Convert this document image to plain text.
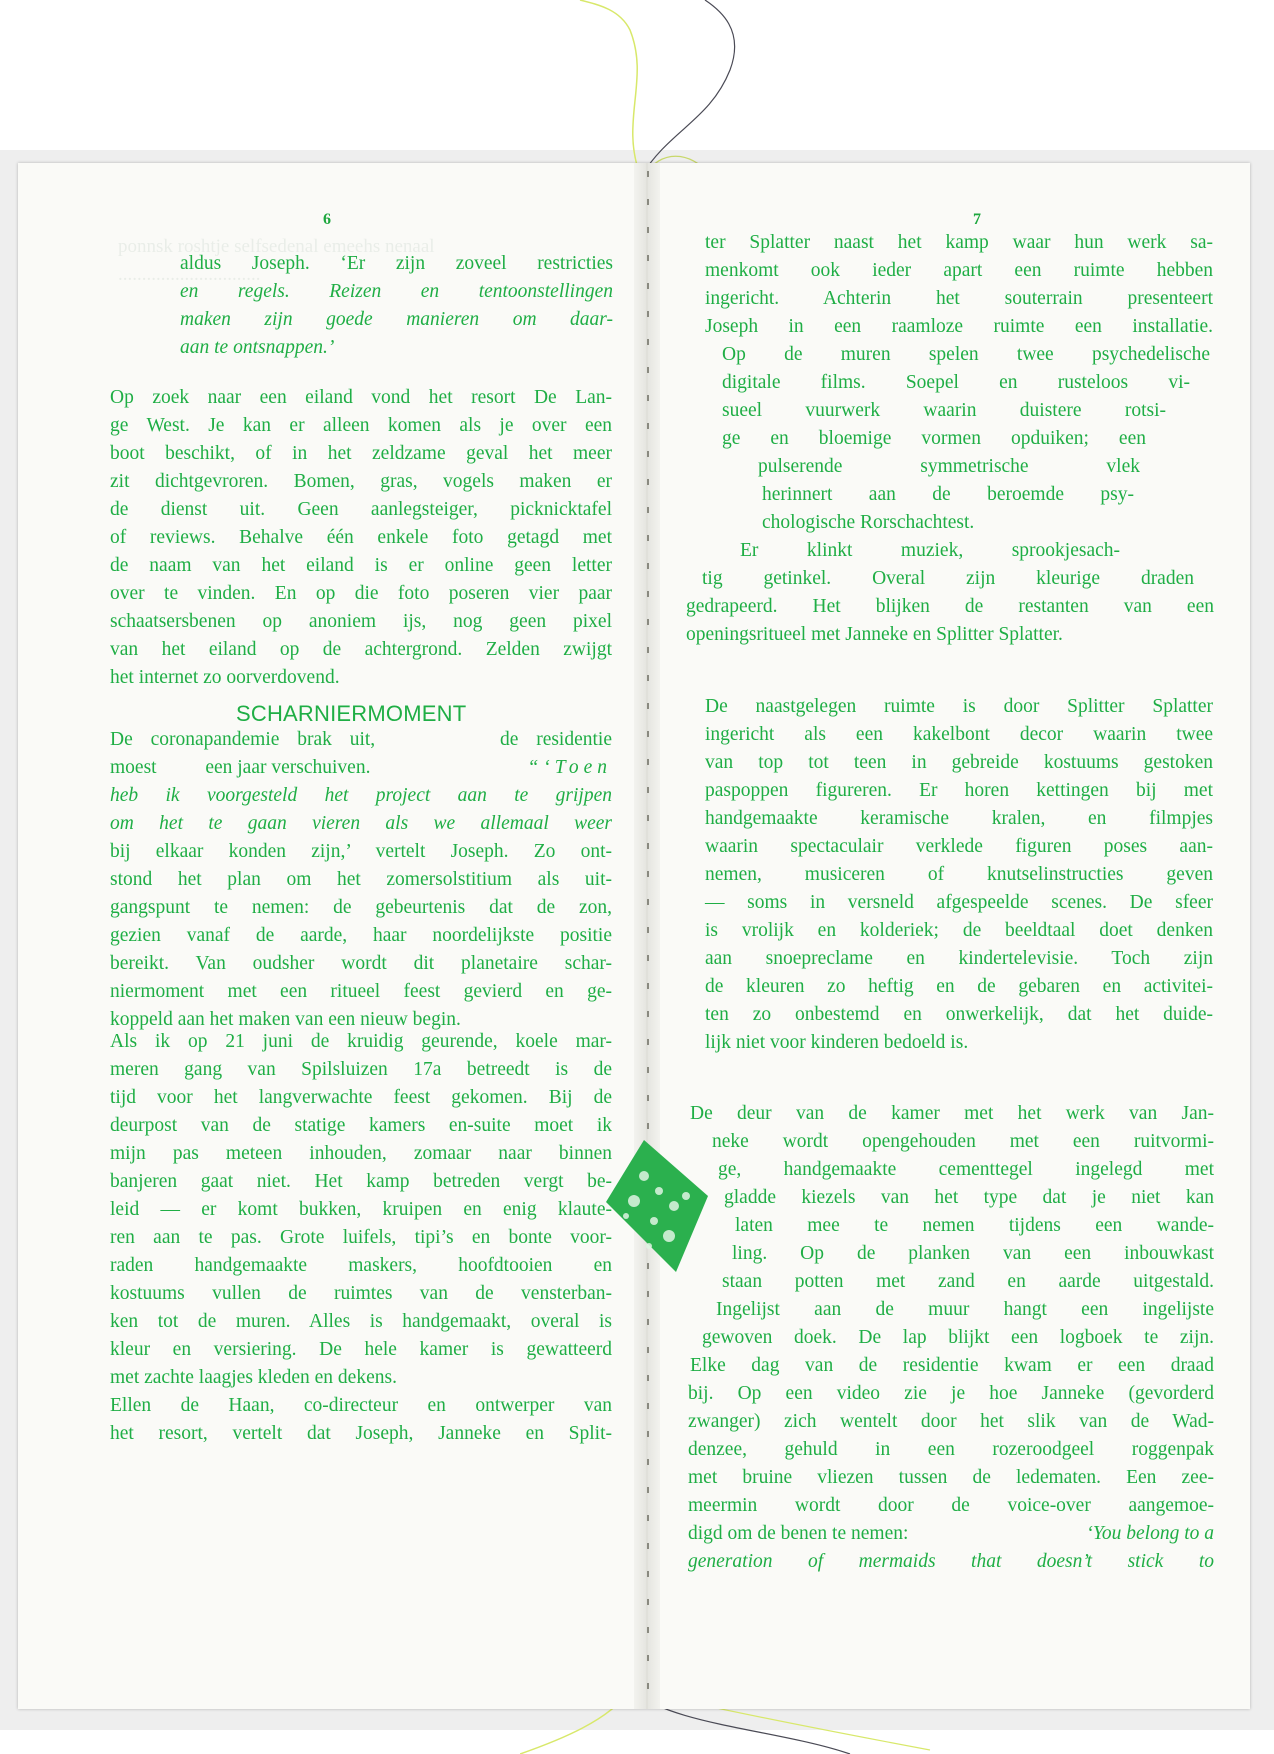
ponnsk roshtje selfsedenal emeehs nenaal
..............................
6

aldus Joseph. ‘Er zijn zoveel restricties

en regels. Reizen en tentoonstellingen

maken zijn goede manieren om daar-

aan te ontsnappen.’

Op zoek naar een eiland vond het resort De Lan-

ge West. Je kan er alleen komen als je over een

boot beschikt, of in het zeldzame geval het meer

zit dichtgevroren. Bomen, gras, vogels maken er

de dienst uit. Geen aanlegsteiger, picknicktafel

of reviews. Behalve één enkele foto getagd met

de naam van het eiland is er online geen letter

over te vinden. En op die foto poseren vier paar

schaatsersbenen op anoniem ijs, nog geen pixel

van het eiland op de achtergrond. Zelden zwijgt

het internet zo oorverdovend.

SCHARNIERMOMENT

De coronapandemie brak uit,       de residentie

moest          een jaar verschuiven.	“‘Toen

heb ik voorgesteld het project aan te grijpen

om het te gaan vieren als we allemaal weer

bij elkaar konden zijn,’ vertelt Joseph. Zo ont-

stond het plan om het zomersolstitium als uit-

gangspunt te nemen: de gebeurtenis dat de zon,

gezien vanaf de aarde, haar noordelijkste positie

bereikt. Van oudsher wordt dit planetaire schar-

niermoment met een ritueel feest gevierd en ge-

koppeld aan het maken van een nieuw begin.

Als ik op 21 juni de kruidig geurende, koele mar-

meren gang van Spilsluizen 17a betreedt is de

tijd voor het langverwachte feest gekomen. Bij de

deurpost van de statige kamers en-suite moet ik

mijn pas meteen inhouden, zomaar naar binnen

banjeren gaat niet. Het kamp betreden vergt be-

leid — er komt bukken, kruipen en enig klaute-

ren aan te pas. Grote luifels, tipi’s en bonte voor-

raden handgemaakte maskers, hoofdtooien en

kostuums vullen de ruimtes van de vensterban-

ken tot de muren. Alles is handgemaakt, overal is

kleur en versiering. De hele kamer is gewatteerd

met zachte laagjes kleden en dekens.

Ellen de Haan, co-directeur en ontwerper van

het resort, vertelt dat Joseph, Janneke en Split-

7

ter Splatter naast het kamp waar hun werk sa-

menkomt ook ieder apart een ruimte hebben

ingericht. Achterin het souterrain presenteert

Joseph in een raamloze ruimte een installatie.

Op de muren spelen twee psychedelische

digitale films. Soepel en rusteloos vi-

sueel vuurwerk waarin duistere rotsi-

ge en bloemige vormen opduiken; een

pulserende symmetrische vlek

herinnert aan de beroemde psy-

chologische Rorschachtest.

Er klinkt muziek, sprookjesach-

tig getinkel. Overal zijn kleurige draden

gedrapeerd. Het blijken de restanten van een

openingsritueel met Janneke en Splitter Splatter.

De naastgelegen ruimte is door Splitter Splatter

ingericht als een kakelbont decor waarin twee

van top tot teen in gebreide kostuums gestoken

paspoppen figureren. Er horen kettingen bij met

handgemaakte keramische kralen, en filmpjes

waarin spectaculair verklede figuren poses aan-

nemen, musiceren of knutselinstructies geven

— soms in versneld afgespeelde scenes. De sfeer

is vrolijk en kolderiek; de beeldtaal doet denken

aan snoepreclame en kindertelevisie. Toch zijn

de kleuren zo heftig en de gebaren en activitei-

ten zo onbestemd en onwerkelijk, dat het duide-

lijk niet voor kinderen bedoeld is.

De deur van de kamer met het werk van Jan-

neke wordt opengehouden met een ruitvormi-

ge, handgemaakte cementtegel ingelegd met

gladde kiezels van het type dat je niet kan

laten mee te nemen tijdens een wande-

ling. Op de planken van een inbouwkast

staan potten met zand en aarde uitgestald.

Ingelijst aan de muur hangt een ingelijste

gewoven doek. De lap blijkt een logboek te zijn.

Elke dag van de residentie kwam er een draad

bij. Op een video zie je hoe Janneke (gevorderd

zwanger) zich wentelt door het slik van de Wad-

denzee, gehuld in een rozeroodgeel roggenpak

met bruine vliezen tussen de ledematen. Een zee-

meermin wordt door de voice-over aangemoe-

digd om de benen te nemen:	‘You belong to a

generation of mermaids that doesn’t stick to
